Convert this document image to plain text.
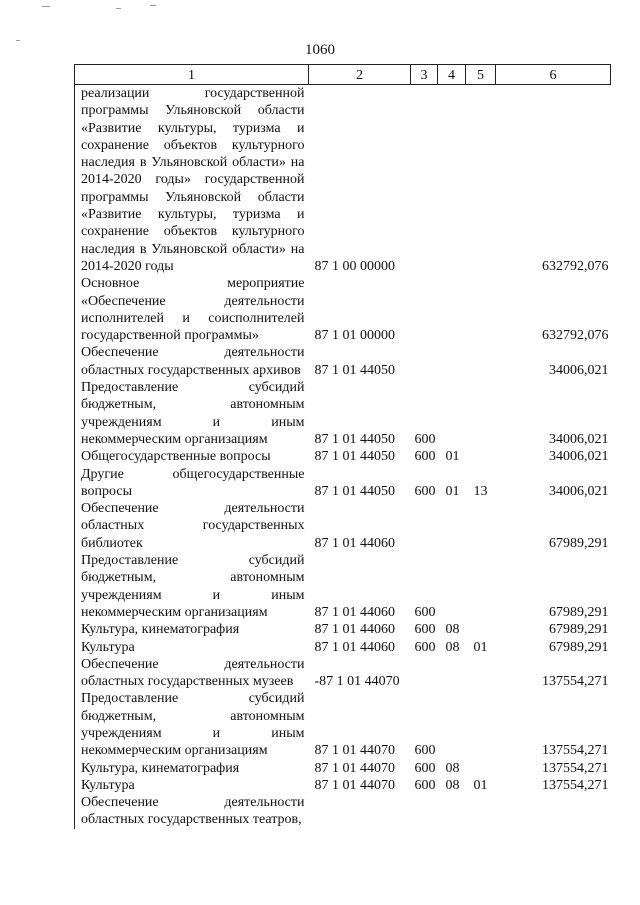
1060
1	2	3	4	5	6
реализации государственной программы Ульяновской области «Развитие культуры, туризма и сохранение объектов культурного наследия в Ульяновской области» на 2014-2020 годы» государственной программы Ульяновской области «Развитие культуры, туризма и сохранение объектов культурного наследия в Ульяновской области» на 2014-2020 годы	87 1 00 00000				632792,076
Основное мероприятие «Обеспечение деятельности исполнителей и соисполнителей государственной программы»	87 1 01 00000				632792,076
Обеспечение деятельности областных государственных архивов	87 1 01 44050				34006,021
Предоставление субсидий бюджетным, автономным учреждениям и иным некоммерческим организациям	87 1 01 44050	600			34006,021
Общегосударственные вопросы	87 1 01 44050	600	01		34006,021
Другие общегосударственные вопросы	87 1 01 44050	600	01	13	34006,021
Обеспечение деятельности областных государственных библиотек	87 1 01 44060				67989,291
Предоставление субсидий бюджетным, автономным учреждениям и иным некоммерческим организациям	87 1 01 44060	600			67989,291
Культура, кинематография	87 1 01 44060	600	08		67989,291
Культура	87 1 01 44060	600	08	01	67989,291
Обеспечение деятельности областных государственных музеев	-87 1 01 44070				137554,271
Предоставление субсидий бюджетным, автономным учреждениям и иным некоммерческим организациям	87 1 01 44070	600			137554,271
Культура, кинематография	87 1 01 44070	600	08		137554,271
Культура	87 1 01 44070	600	08	01	137554,271
Обеспечение деятельности областных государственных театров,					
